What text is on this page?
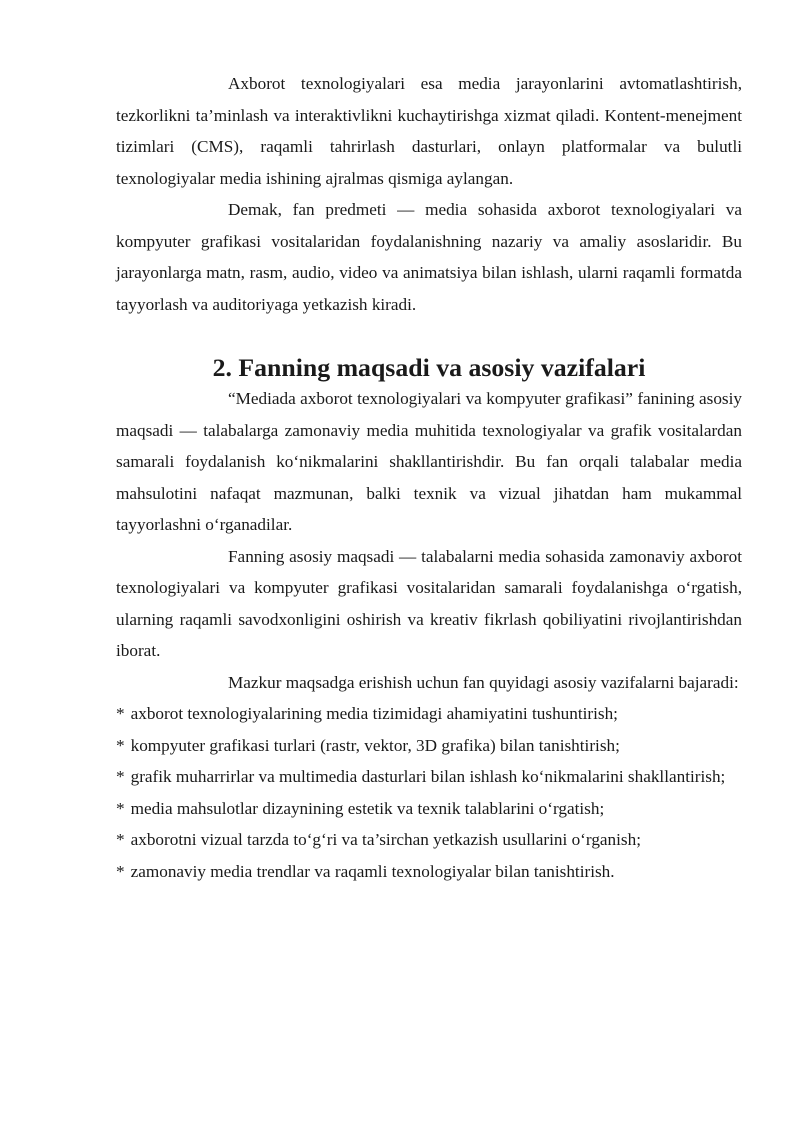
Axborot texnologiyalari esa media jarayonlarini avtomatlashtirish, tezkorlikni ta’minlash va interaktivlikni kuchaytirishga xizmat qiladi. Kontent-menejment tizimlari (CMS), raqamli tahrirlash dasturlari, onlayn platformalar va bulutli texnologiyalar media ishining ajralmas qismiga aylangan.

Demak, fan predmeti — media sohasida axborot texnologiyalari va kompyuter grafikasi vositalaridan foydalanishning nazariy va amaliy asoslaridir. Bu jarayonlarga matn, rasm, audio, video va animatsiya bilan ishlash, ularni raqamli formatda tayyorlash va auditoriyaga yetkazish kiradi.

2. Fanning maqsadi va asosiy vazifalari

“Mediada axborot texnologiyalari va kompyuter grafikasi” fanining asosiy maqsadi — talabalarga zamonaviy media muhitida texnologiyalar va grafik vositalardan samarali foydalanish ko‘nikmalarini shakllantirishdir. Bu fan orqali talabalar media mahsulotini nafaqat mazmunan, balki texnik va vizual jihatdan ham mukammal tayyorlashni o‘rganadilar.

Fanning asosiy maqsadi — talabalarni media sohasida zamonaviy axborot texnologiyalari va kompyuter grafikasi vositalaridan samarali foydalanishga o‘rgatish, ularning raqamli savodxonligini oshirish va kreativ fikrlash qobiliyatini rivojlantirishdan iborat.

Mazkur maqsadga erishish uchun fan quyidagi asosiy vazifalarni bajaradi:

* axborot texnologiyalarining media tizimidagi ahamiyatini tushuntirish;
* kompyuter grafikasi turlari (rastr, vektor, 3D grafika) bilan tanishtirish;
* grafik muharrirlar va multimedia dasturlari bilan ishlash ko‘nikmalarini shakllantirish;
* media mahsulotlar dizaynining estetik va texnik talablarini o‘rgatish;
* axborotni vizual tarzda to‘g‘ri va ta’sirchan yetkazish usullarini o‘rganish;
* zamonaviy media trendlar va raqamli texnologiyalar bilan tanishtirish.
